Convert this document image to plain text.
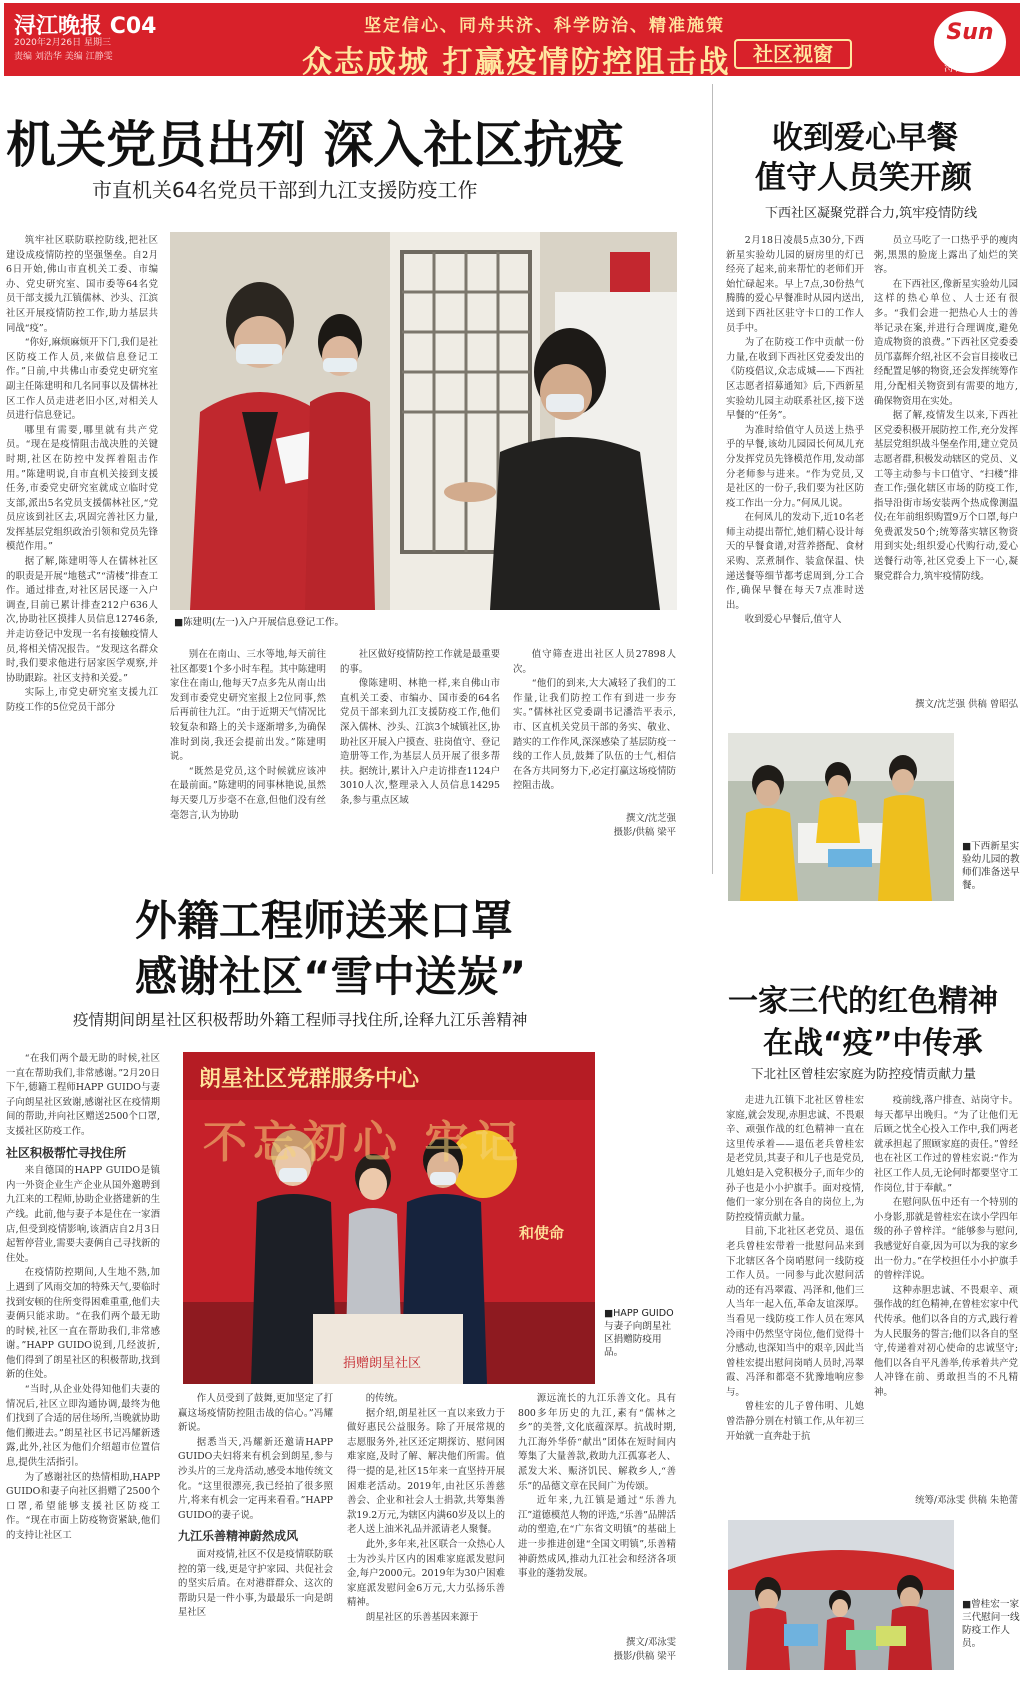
浔江晚报 C04
2020年2月26日 星期三
责编 刘浩华 美编 江静雯
坚定信心、同舟共济、科学防治、精准施策
众志成城 打赢疫情防控阻击战	社区视窗
Sun
浔林九江
机关党员出列 深入社区抗疫
市直机关64名党员干部到九江支援防疫工作

筑牢社区联防联控防线,把社区建设成疫情防控的坚强堡垒。自2月6日开始,佛山市直机关工委、市编办、党史研究室、国市委等64名党员干部支援九江镇儒林、沙头、江滨社区开展疫情防控工作,助力基层共同战“疫”。

“你好,麻烦麻烦开下门,我们是社区防疫工作人员,来做信息登记工作。”日前,中共佛山市委党史研究室副主任陈建明和几名同事以及儒林社区工作人员走进老旧小区,对相关人员进行信息登记。

哪里有需要,哪里就有共产党员。“现在是疫情阻击战决胜的关键时期,社区在防控中发挥着阻击作用。”陈建明说,自市直机关接到支援任务,市委党史研究室就成立临时党支部,派出5名党员支援儒林社区,“党员应该到社区去,巩固完善社区力量,发挥基层党组织政治引领和党员先锋模范作用。”

据了解,陈建明等人在儒林社区的职责是开展“地毯式”“清楼”排查工作。通过排查,对社区居民逐一入户调查,目前已累计排查212户636人次,协助社区摸排人员信息12746条,并走访登记中发现一名有接触疫情人员,将相关情况报告。“发现这名群众时,我们要求他进行居家医学观察,并协助跟踪。社区支持和关爱。”

实际上,市党史研究室支援九江防疫工作的5位党员干部分

■陈建明(左一)入户开展信息登记工作。

别在在南山、三水等地,每天前往社区都要1个多小时车程。其中陈建明家住在南山,他每天7点多先从南山出发到市委党史研究室报上2位同事,然后再前往九江。“由于近期天气情况比较复杂和路上的关卡逐渐增多,为确保准时到岗,我还会提前出发。”陈建明说。

“既然是党员,这个时候就应该冲在最前面。”陈建明的同事林艳说,虽然每天要几万步毫不在意,但他们没有丝毫怨言,认为协助

社区做好疫情防控工作就是最重要的事。

像陈建明、林艳一样,来自佛山市直机关工委、市编办、国市委的64名党员干部来到九江支援防疫工作,他们深入儒林、沙头、江滨3个城镇社区,协助社区开展入户摸查、驻岗值守、登记造册等工作,为基层人员开展了很多帮扶。据统计,累计入户走访排查1124户3010人次,整理录入人员信息14295条,参与重点区域

值守筛查进出社区人员27898人次。

“他们的到来,大大减轻了我们的工作量,让我们防控工作有到进一步夯实。”儒林社区党委副书记潘浩平表示,市、区直机关党员干部的务实、敬业、踏实的工作作风,深深感染了基层防疫一线的工作人员,鼓舞了队伍的士气,相信在各方共同努力下,必定打赢这场疫情防控阻击战。

撰文/沈芝强
摄影/供稿 梁平
收到爱心早餐
值守人员笑开颜
下西社区凝聚党群合力,筑牢疫情防线

2月18日凌晨5点30分,下西新星实验幼儿园的厨房里的灯已经亮了起来,前来帮忙的老师们开始忙碌起来。早上7点,30份热气腾腾的爱心早餐准时从园内送出,送到下西社区驻守卡口的工作人员手中。

为了在防疫工作中贡献一份力量,在收到下西社区党委发出的《防疫倡议,众志成城——下西社区志愿者招募通知》后,下西新星实验幼儿园主动联系社区,接下送早餐的“任务”。

为准时给值守人员送上热乎乎的早餐,该幼儿园园长何凤儿充分发挥党员先锋模范作用,发动部分老师参与进来。“作为党员,又是社区的一份子,我们要为社区防疫工作出一分力。”何凤儿说。

在何凤儿的发动下,近10名老师主动提出帮忙,她们精心设计每天的早餐食谱,对营养搭配、食材采购、烹煮制作、装盒保温、快递送餐等细节都考虑周到,分工合作,确保早餐在每天7点准时送出。

收到爱心早餐后,值守人

员立马吃了一口热乎乎的瘦肉粥,黑黑的脸庞上露出了灿烂的笑容。

在下西社区,像新星实验幼儿园这样的热心单位、人士还有很多。“我们会进一把热心人士的善举记录在案,并进行合理调度,避免造成物资的浪费。”下西社区党委委员邝嘉辉介绍,社区不会盲目接收已经配置足够的物资,还会发挥统筹作用,分配相关物资到有需要的地方,确保物资用在实处。

据了解,疫情发生以来,下西社区党委积极开展防控工作,充分发挥基层党组织战斗堡垒作用,建立党员志愿者群,积极发动辖区的党员、义工等主动参与卡口值守、“扫楼”排查工作;强化辖区市场的防疫工作,指导沿街市场安装两个热成像测温仪;在年前组织购置9万个口罩,每户免费派发50个;统筹落实辖区物资用到实处;组织爱心代购行动,爱心送餐行动等,社区党委上下一心,凝聚党群合力,筑牢疫情防线。

撰文/沈芝强 供稿 曾昭弘
■下西新星实验幼儿园的教师们准备送早餐。
外籍工程师送来口罩
感谢社区“雪中送炭”
疫情期间朗星社区积极帮助外籍工程师寻找住所,诠释九江乐善精神

“在我们两个最无助的时候,社区一直在帮助我们,非常感谢。”2月20日下午,德籍工程师HAPP GUIDO与妻子向朗星社区致谢,感谢社区在疫情期间的帮助,并向社区赠送2500个口罩,支援社区防疫工作。

社区积极帮忙寻找住所

来自德国的HAPP GUIDO是镇内一外资企业生产企业从国外邀聘到九江来的工程师,协助企业搭建新的生产线。此前,他与妻子本是住在一家酒店,但受到疫情影响,该酒店自2月3日起暂停营业,需要夫妻俩自己寻找新的住处。

在疫情防控期间,人生地不熟,加上遇到了风雨交加的特殊天气,要临时找到安顿的住所变得困难重重,他们夫妻俩只能求助。“在我们两个最无助的时候,社区一直在帮助我们,非常感谢。”HAPP GUIDO说到,几经波折,他们得到了朗星社区的积极帮助,找到新的住处。

“当时,从企业处得知他们夫妻的情况后,社区立即沟通协调,最终为他们找到了合适的居住场所,当晚就协助他们搬进去。”朗星社区书记冯耀新透露,此外,社区为他们介绍超市位置信息,提供生活指引。

为了感谢社区的热情相助,HAPP GUIDO和妻子向社区捐赠了2500个口罩,希望能够支援社区防疫工作。“现在市面上防疫物资紧缺,他们的支持让社区工

朗星社区党群服务中心
不忘初心 牢记
和使命
捐赠朗星社区
■HAPP GUIDO与妻子向朗星社区捐赠防疫用品。

作人员受到了鼓舞,更加坚定了打赢这场疫情防控阻击战的信心。”冯耀新说。

据悉当天,冯耀新还邀请HAPP GUIDO夫妇将来有机会到朗星,参与沙头片的三龙舟活动,感受本地传统文化。“这里很漂亮,我已经拍了很多照片,将来有机会一定再来看看。”HAPP GUIDO的妻子说。

九江乐善精神蔚然成风

面对疫情,社区不仅是疫情联防联控的第一线,更是守护家园、共促社会的坚实后盾。在对港群群众、这次的帮助只是一件小事,为最最乐一向是朗星社区

的传统。

据介绍,朗星社区一直以来致力于做好惠民公益服务。除了开展常规的志愿服务外,社区还定期探访、慰问困难家庭,及时了解、解决他们所需。值得一提的是,社区15年来一直坚持开展困难老活动。2019年,由社区乐善慈善会、企业和社会人士捐款,共筹集善款19.2万元,为辖区内满60岁及以上的老人送上油米礼品并派请老人聚餐。

此外,多年来,社区联合一众热心人士为沙头片区内的困难家庭派发慰问金,每户2000元。2019年为30户困难家庭派发慰问金6万元,大力弘扬乐善精神。

朗星社区的乐善基因来源于

源远流长的九江乐善文化。具有800多年历史的九江,素有“儒林之乡”的美誉,文化底蕴深厚。抗战时期,九江海外华侨“献出”团体在短时间内筹集了大量善款,救助九江孤寡老人、派发大米、赈济饥民、解救乡人,“善乐”的品德文章在民间广为传颂。

近年来,九江镇是通过“乐善九江”道德模范人物的评选,“乐善”品牌活动的塑造,在“广东省文明镇”的基础上进一步推进创建“全国文明镇”,乐善精神蔚然成风,推动九江社会和经济各项事业的蓬勃发展。

撰文/邓泳雯
摄影/供稿 梁平
一家三代的红色精神
在战“疫”中传承
下北社区曾桂宏家庭为防控疫情贡献力量

走进九江镇下北社区曾桂宏家庭,就会发现,赤胆忠诚、不畏艰辛、顽强作战的红色精神一直在这里传承着——退伍老兵曾桂宏是老党员,其妻子和儿子也是党员,儿媳妇是入党积极分子,而年少的孙子也是小小护旗手。面对疫情,他们一家分别在各自的岗位上,为防控疫情贡献力量。

目前,下北社区老党员、退伍老兵曾桂宏带着一批慰问品来到下北辖区各个岗哨慰问一线防疫工作人员。一同参与此次慰问活动的还有冯翠霞、冯泽和,他们三人当年一起入伍,革命友谊深厚。当看见一线防疫工作人员在寒风冷雨中仍然坚守岗位,他们觉得十分感动,也深知当中的艰辛,因此当曾桂宏提出慰问岗哨人员时,冯翠霞、冯泽和都毫不犹豫地响应参与。

曾桂宏的儿子曾伟明、儿媳曾浩静分别在村镇工作,从年初三开始就一直奔赴于抗

疫前线,落户排查、站岗守卡。每天都早出晚归。“为了让他们无后顾之忧全心投入工作中,我们两老就承担起了照顾家庭的责任。”曾经也在社区工作过的曾桂宏说:“作为社区工作人员,无论何时都要坚守工作岗位,甘于奉献。”

在慰问队伍中还有一个特别的小身影,那就是曾桂宏在读小学四年级的孙子曾梓洋。“能够参与慰问,我感觉好自豪,因为可以为我的家乡出一份力。”在学校担任小小护旗手的曾梓洋说。

这种赤胆忠诚、不畏艰辛、顽强作战的红色精神,在曾桂宏家中代代传承。他们以各自的方式,践行着为人民服务的誓言;他们以各自的坚守,传递着对初心使命的忠诚坚守;他们以各自平凡善举,传承着共产党人冲锋在前、勇敢担当的不凡精神。

统筹/邓泳雯 供稿 朱艳蕾
■曾桂宏一家三代慰问一线防疫工作人员。
